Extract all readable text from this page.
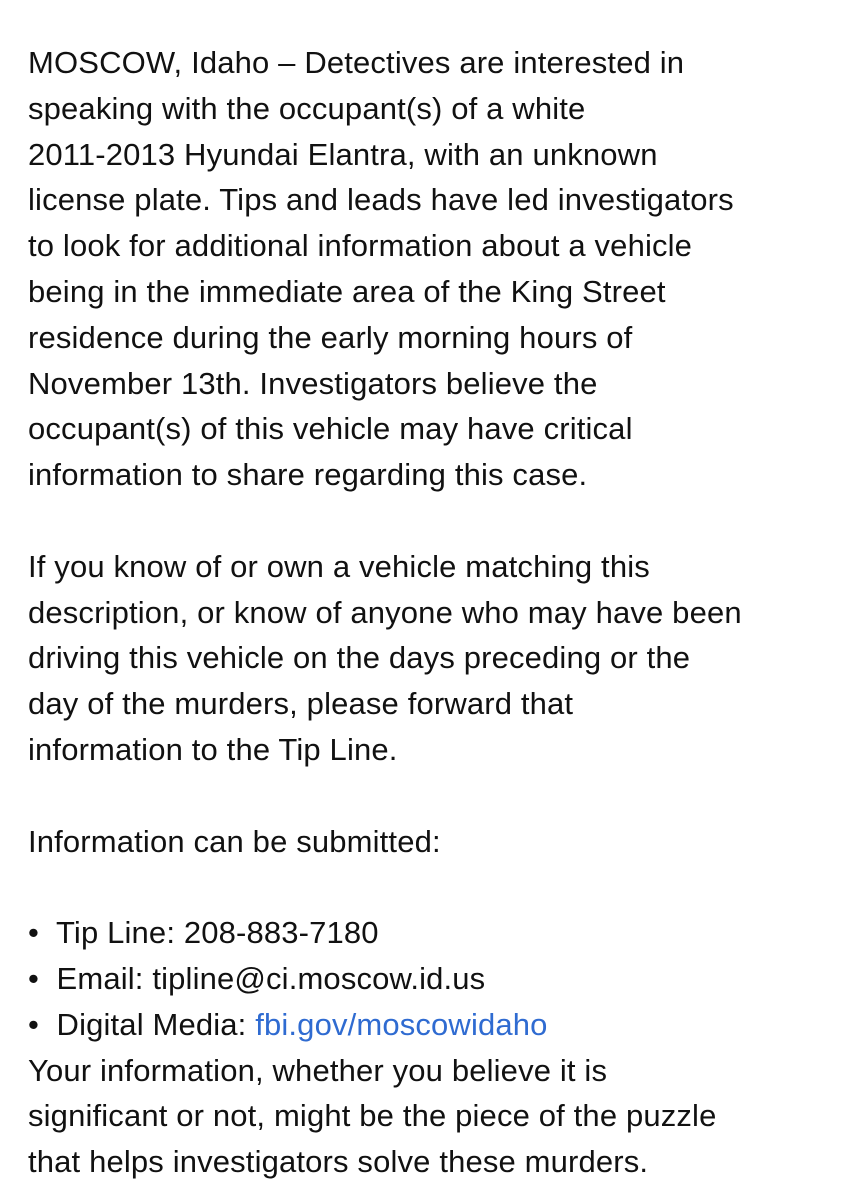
MOSCOW, Idaho – Detectives are interested in
speaking with the occupant(s) of a white
2011-2013 Hyundai Elantra, with an unknown
license plate. Tips and leads have led investigators
to look for additional information about a vehicle
being in the immediate area of the King Street
residence during the early morning hours of
November 13th. Investigators believe the
occupant(s) of this vehicle may have critical
information to share regarding this case.
If you know of or own a vehicle matching this
description, or know of anyone who may have been
driving this vehicle on the days preceding or the
day of the murders, please forward that
information to the Tip Line.
Information can be submitted:
•  Tip Line: 208-883-7180
•  Email: tipline@ci.moscow.id.us
•  Digital Media: fbi.gov/moscowidaho
Your information, whether you believe it is
significant or not, might be the piece of the puzzle
that helps investigators solve these murders.
